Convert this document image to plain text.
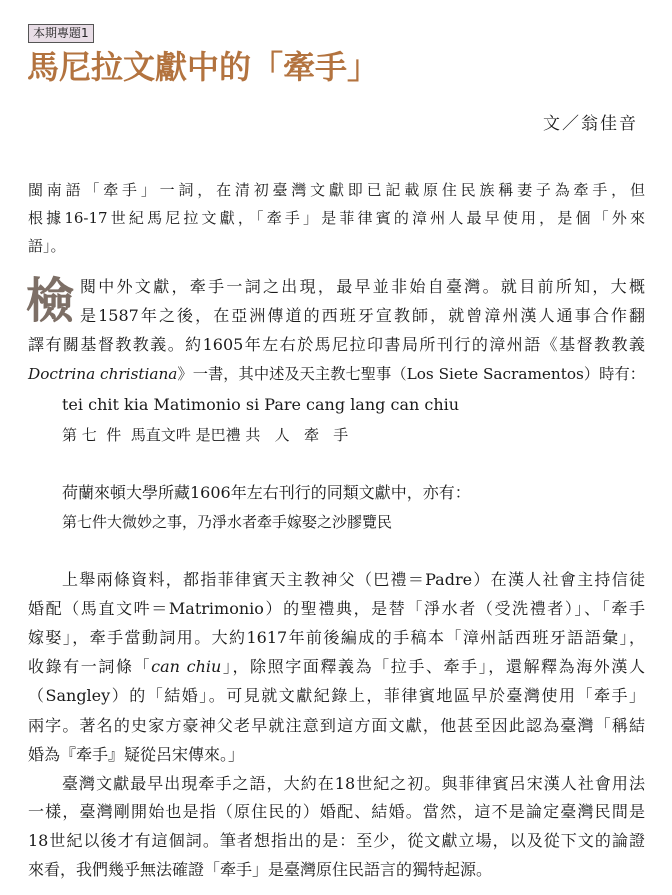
本期專題1
馬尼拉文獻中的「牽手」
文／翁佳音
閩南語「牽手」一詞，在清初臺灣文獻即已記載原住民族稱妻子為牽手，但
根據16-17世紀馬尼拉文獻，「牽手」是菲律賓的漳州人最早使用，是個「外來
語」。
檢 閱中外文獻，牽手一詞之出現，最早並非始自臺灣。就目前所知，大概
是1587年之後，在亞洲傳道的西班牙宣教師，就曾漳州漢人通事合作翻
譯有關基督教教義。約1605年左右於馬尼拉印書局所刊行的漳州語《基督教教義
Doctrina christiana》一書，其中述及天主教七聖事（Los Siete Sacramentos）時有：
tei chit kia Matimonio si Pare cang lang can chiu
第 七  件  馬直文吽 是巴禮 共   人   牽   手
荷蘭來頓大學所藏1606年左右刊行的同類文獻中，亦有：
第七件大微妙之事，乃淨水者牽手嫁娶之沙膠覽民
上舉兩條資料，都指菲律賓天主教神父（巴禮＝Padre）在漢人社會主持信徒
婚配（馬直文吽＝Matrimonio）的聖禮典，是替「淨水者（受洗禮者）」、「牽手
嫁娶」，牽手當動詞用。大約1617年前後編成的手稿本「漳州話西班牙語語彙」，
收錄有一詞條「can chiu」，除照字面釋義為「拉手、牽手」，還解釋為海外漢人
（Sangley）的「結婚」。可見就文獻紀錄上，菲律賓地區早於臺灣使用「牽手」
兩字。著名的史家方豪神父老早就注意到這方面文獻，他甚至因此認為臺灣「稱結
婚為『牽手』疑從呂宋傳來。」
臺灣文獻最早出現牽手之語，大約在18世紀之初。與菲律賓呂宋漢人社會用法
一樣，臺灣剛開始也是指（原住民的）婚配、結婚。當然，這不是論定臺灣民間是
18世紀以後才有這個詞。筆者想指出的是：至少，從文獻立場，以及從下文的論證
來看，我們幾乎無法確證「牽手」是臺灣原住民語言的獨特起源。
